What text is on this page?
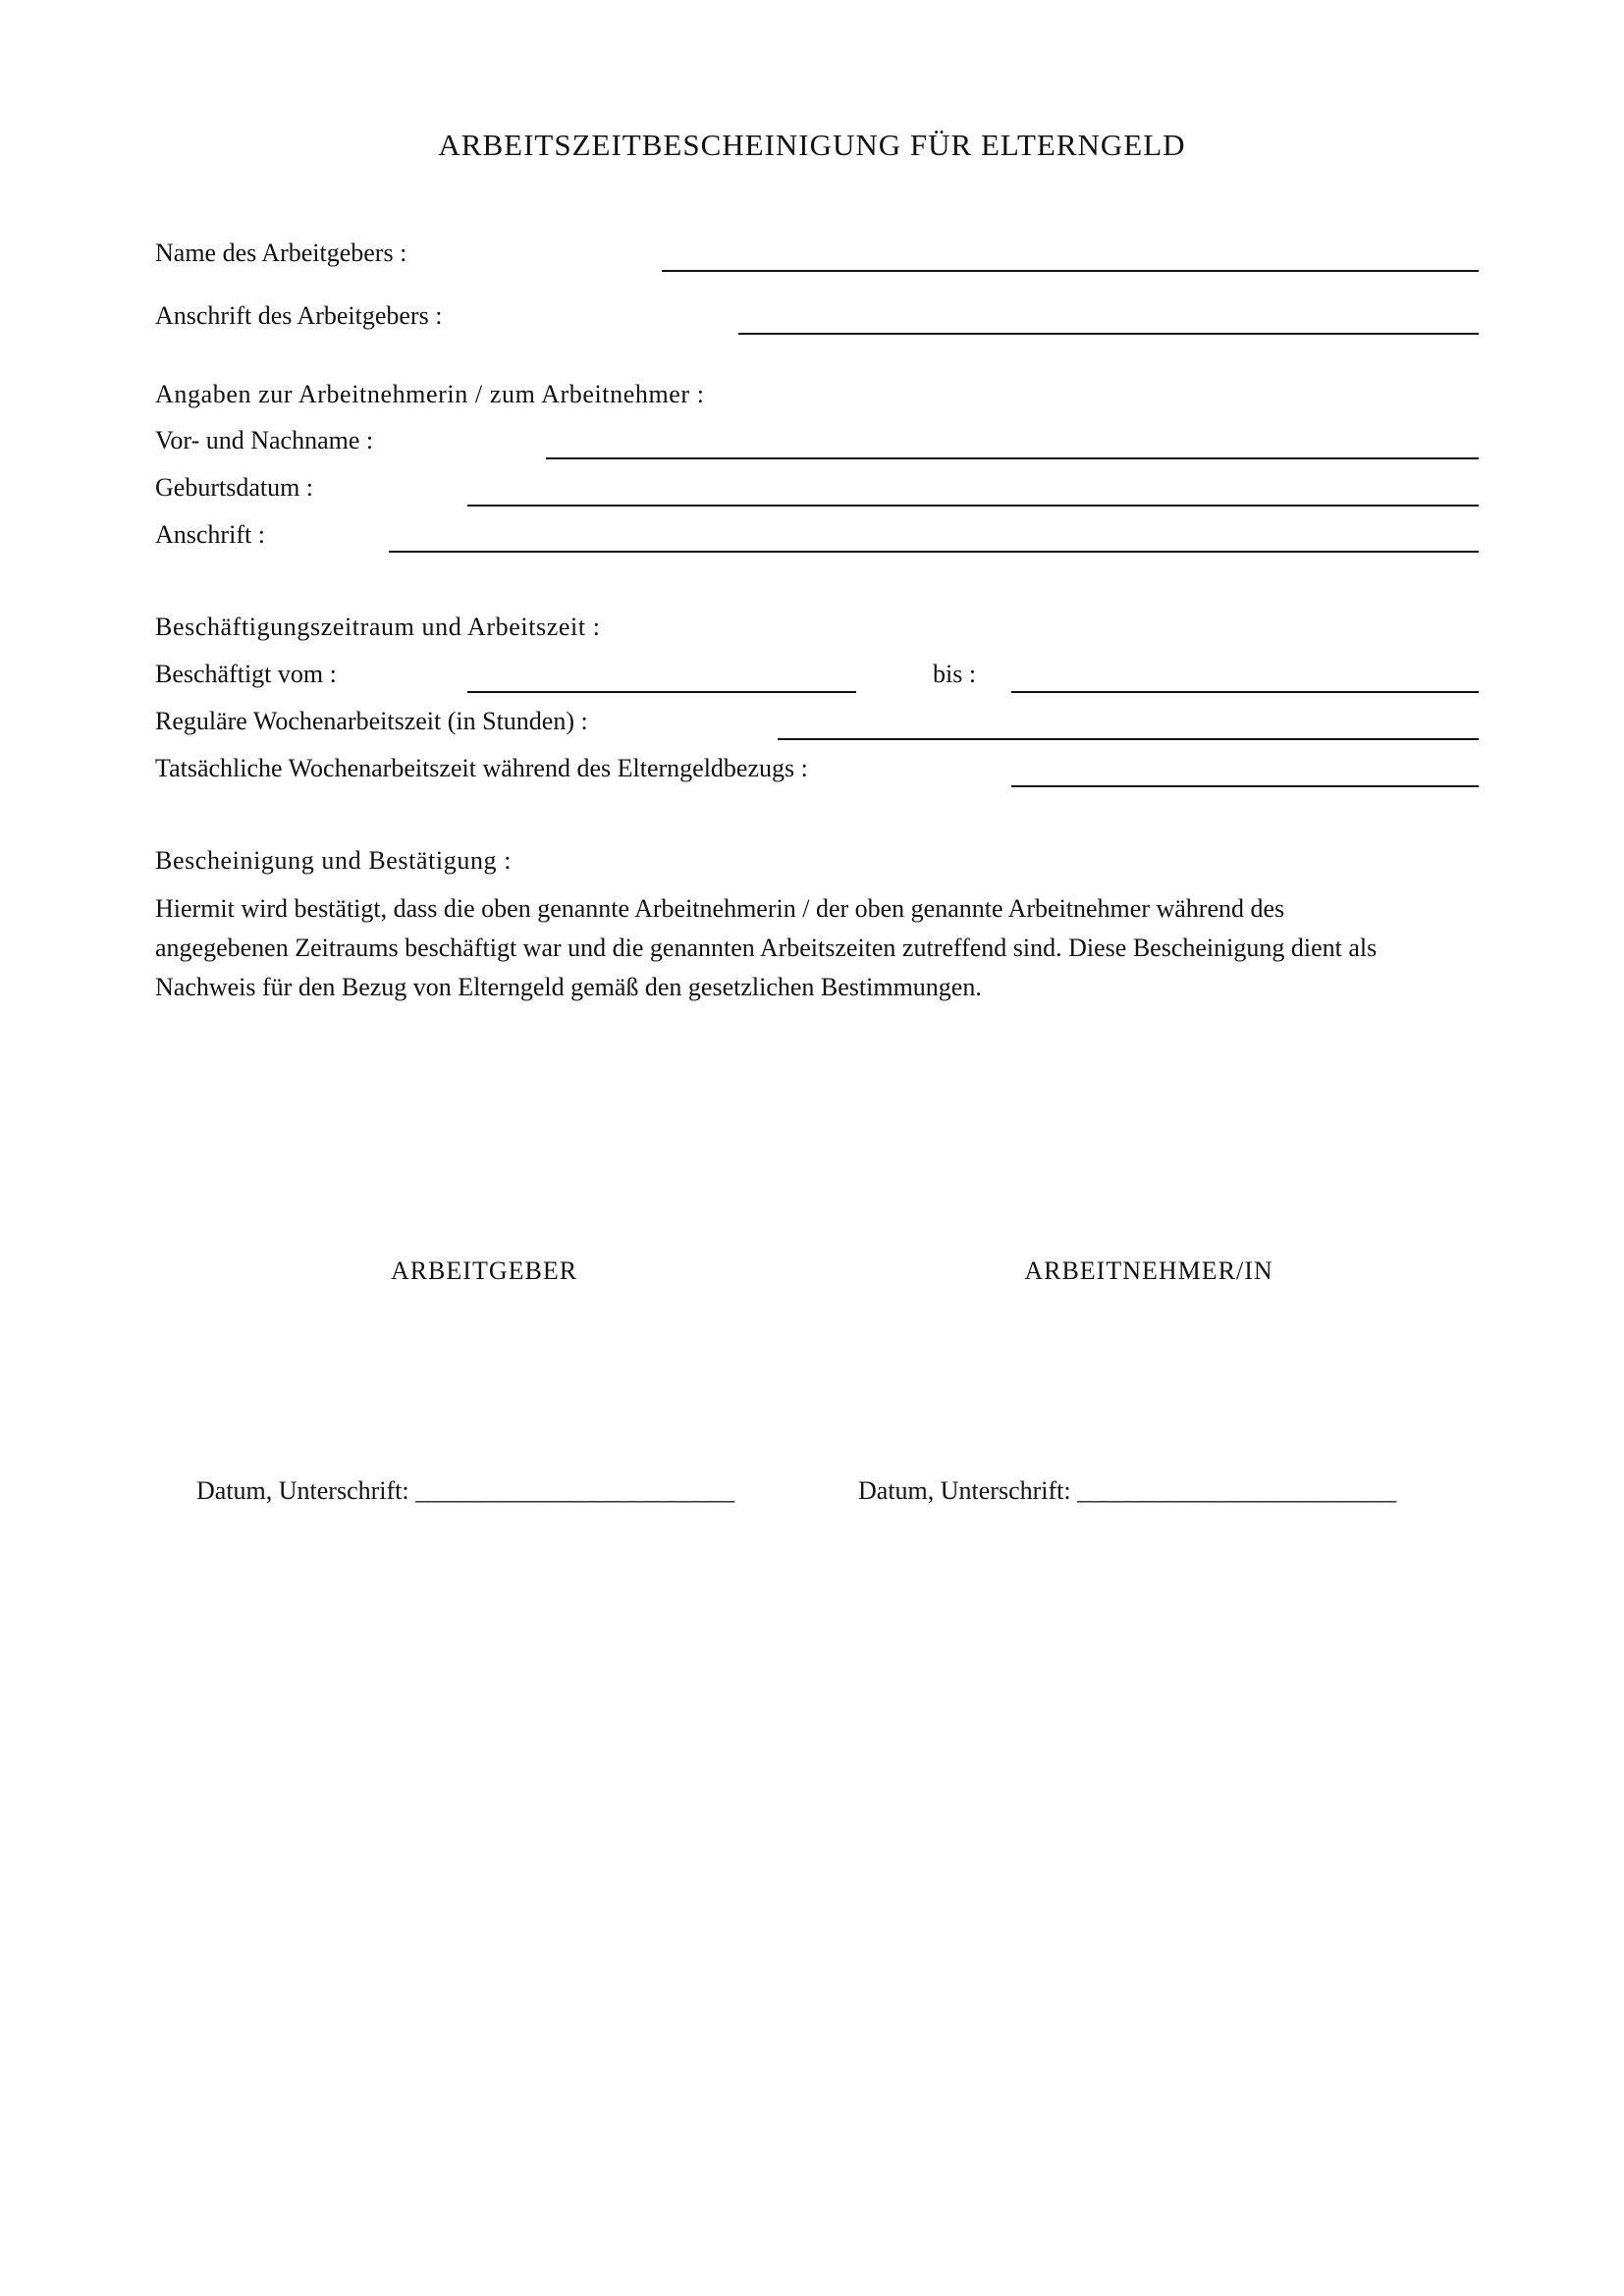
ARBEITSZEITBESCHEINIGUNG FÜR ELTERNGELD
Name des Arbeitgebers :
Anschrift des Arbeitgebers :
Angaben zur Arbeitnehmerin / zum Arbeitnehmer :
Vor- und Nachname :
Geburtsdatum :
Anschrift :
Beschäftigungszeitraum und Arbeitszeit :
Beschäftigt vom :	bis :
Reguläre Wochenarbeitszeit (in Stunden) :
Tatsächliche Wochenarbeitszeit während des Elterngeldbezugs :
Bescheinigung und Bestätigung :
Hiermit wird bestätigt, dass die oben genannte Arbeitnehmerin / der oben genannte Arbeitnehmer während des
angegebenen Zeitraums beschäftigt war und die genannten Arbeitszeiten zutreffend sind. Diese Bescheinigung dient als
Nachweis für den Bezug von Elterngeld gemäß den gesetzlichen Bestimmungen.
ARBEITGEBER	ARBEITNEHMER/IN
Datum, Unterschrift: _________________________	Datum, Unterschrift: _________________________
